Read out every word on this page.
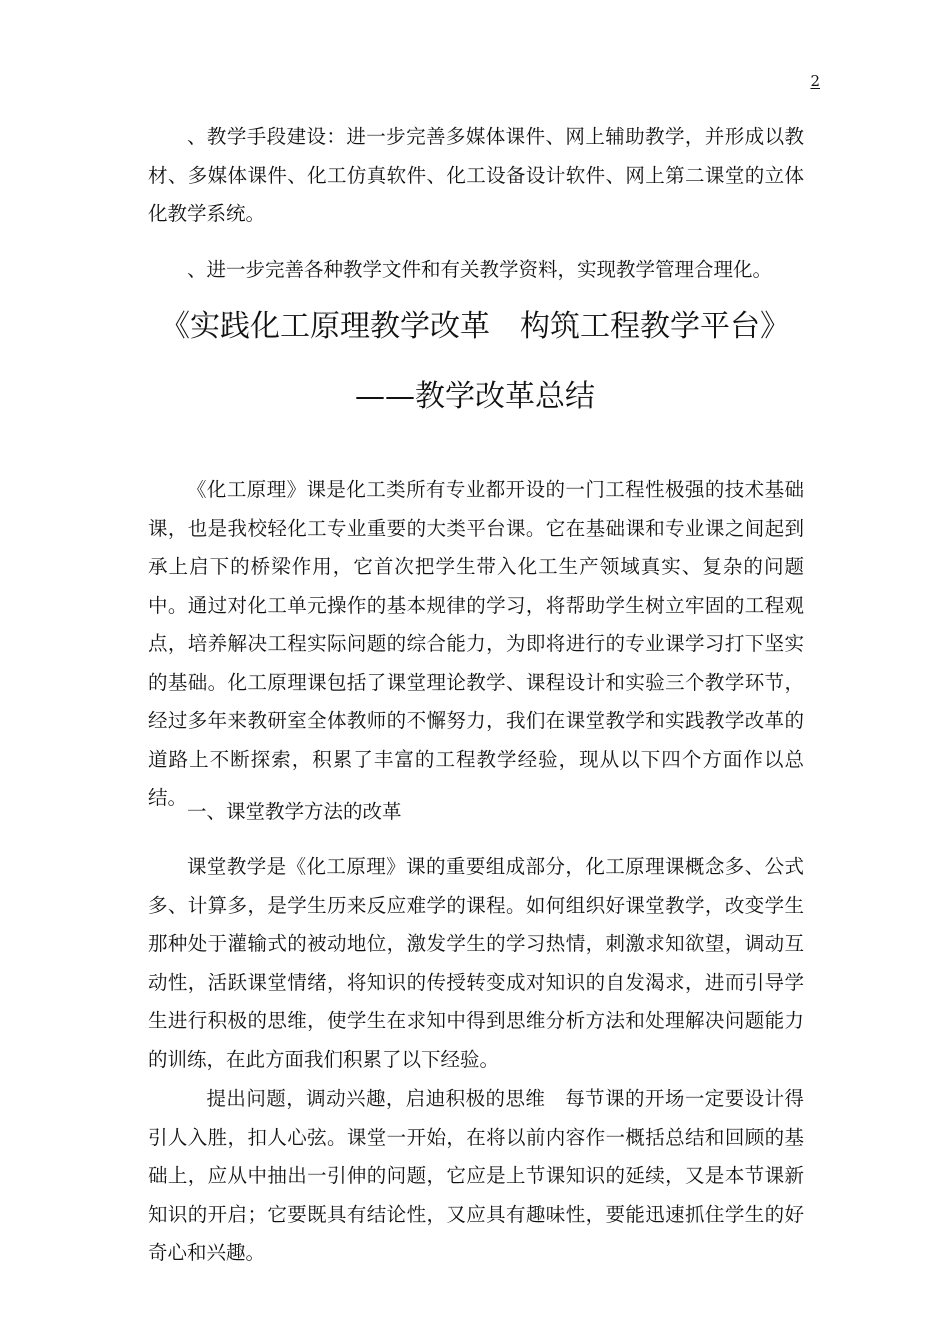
2

、教学手段建设：进一步完善多媒体课件、网上辅助教学，并形成以教材、多媒体课件、化工仿真软件、化工设备设计软件、网上第二课堂的立体化教学系统。

、进一步完善各种教学文件和有关教学资料，实现教学管理合理化。

《实践化工原理教学改革　构筑工程教学平台》
——教学改革总结

《化工原理》课是化工类所有专业都开设的一门工程性极强的技术基础课，也是我校轻化工专业重要的大类平台课。它在基础课和专业课之间起到承上启下的桥梁作用，它首次把学生带入化工生产领域真实、复杂的问题中。通过对化工单元操作的基本规律的学习，将帮助学生树立牢固的工程观点，培养解决工程实际问题的综合能力，为即将进行的专业课学习打下坚实的基础。化工原理课包括了课堂理论教学、课程设计和实验三个教学环节，经过多年来教研室全体教师的不懈努力，我们在课堂教学和实践教学改革的道路上不断探索，积累了丰富的工程教学经验，现从以下四个方面作以总结。

一、课堂教学方法的改革

课堂教学是《化工原理》课的重要组成部分，化工原理课概念多、公式多、计算多，是学生历来反应难学的课程。如何组织好课堂教学，改变学生那种处于灌输式的被动地位，激发学生的学习热情，刺激求知欲望，调动互动性，活跃课堂情绪，将知识的传授转变成对知识的自发渴求，进而引导学生进行积极的思维，使学生在求知中得到思维分析方法和处理解决问题能力的训练，在此方面我们积累了以下经验。

提出问题，调动兴趣，启迪积极的思维　每节课的开场一定要设计得引人入胜，扣人心弦。课堂一开始，在将以前内容作一概括总结和回顾的基础上，应从中抽出一引伸的问题，它应是上节课知识的延续，又是本节课新知识的开启；它要既具有结论性，又应具有趣味性，要能迅速抓住学生的好奇心和兴趣。
